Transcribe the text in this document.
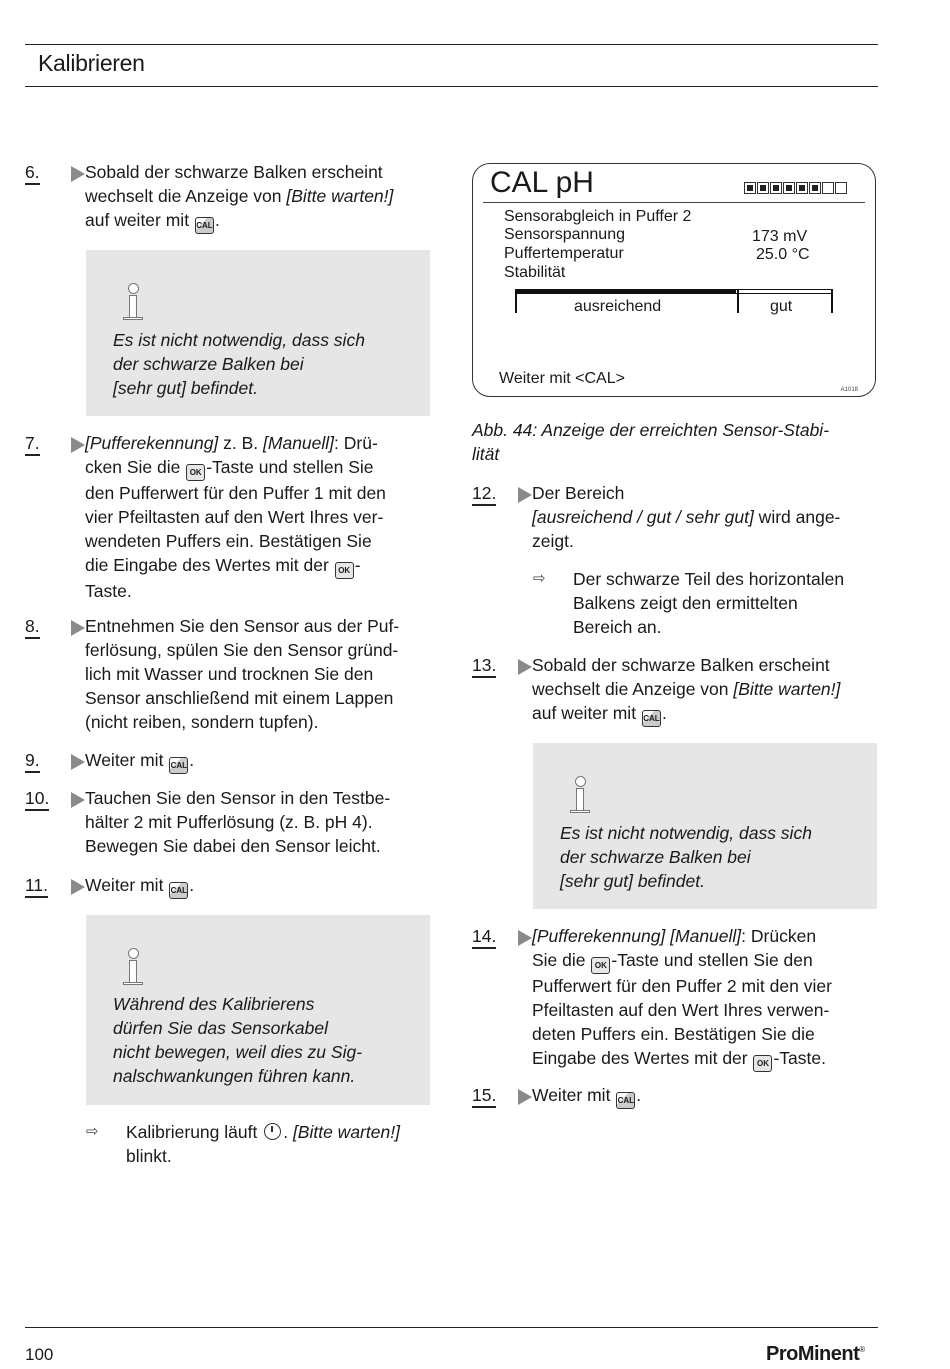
Kalibrieren
6.	Sobald der schwarze Balken erscheint

wechselt die Anzeige von [Bitte warten!]

auf weiter mit CAL .

Es ist nicht notwendig, dass sich
der schwarze Balken bei
[sehr gut] befindet.
7.	[Pufferekennung] z. B. [Manuell]: Drü-

cken Sie die OK -Taste und stellen Sie

den Pufferwert für den Puffer 1 mit den

vier Pfeiltasten auf den Wert Ihres ver-

wendeten Puffers ein. Bestätigen Sie

die Eingabe des Wertes mit der OK -

Taste.

8.	Entnehmen Sie den Sensor aus der Puf-

ferlösung, spülen Sie den Sensor gründ-

lich mit Wasser und trocknen Sie den

Sensor anschließend mit einem Lappen

(nicht reiben, sondern tupfen).

9.	Weiter mit CAL .

10.	Tauchen Sie den Sensor in den Testbe-

hälter 2 mit Pufferlösung (z. B. pH 4).

Bewegen Sie dabei den Sensor leicht.

11.	Weiter mit CAL .

Während des Kalibrierens
dürfen Sie das Sensorkabel
nicht bewegen, weil dies zu Sig-
nalschwankungen führen kann.
⇨ Kalibrierung läuft . [Bitte warten!]
blinkt.
CAL pH
Sensorabgleich in Puffer 2
Sensorspannung	173 mV
Puffertemperatur	25.0 °C
Stabilität
ausreichend	gut
Weiter mit <CAL>
A1018
Abb. 44: Anzeige der erreichten Sensor-Stabi-
lität
12.	Der Bereich

[ausreichend / gut / sehr gut] wird ange-

zeigt.

⇨ Der schwarze Teil des horizontalen
Balkens zeigt den ermittelten
Bereich an.
13.	Sobald der schwarze Balken erscheint

wechselt die Anzeige von [Bitte warten!]

auf weiter mit CAL .

Es ist nicht notwendig, dass sich
der schwarze Balken bei
[sehr gut] befindet.
14.	[Pufferekennung] [Manuell]: Drücken

Sie die OK -Taste und stellen Sie den

Pufferwert für den Puffer 2 mit den vier

Pfeiltasten auf den Wert Ihres verwen-

deten Puffers ein. Bestätigen Sie die

Eingabe des Wertes mit der OK -Taste.

15.	Weiter mit CAL .

100	ProMinent®
